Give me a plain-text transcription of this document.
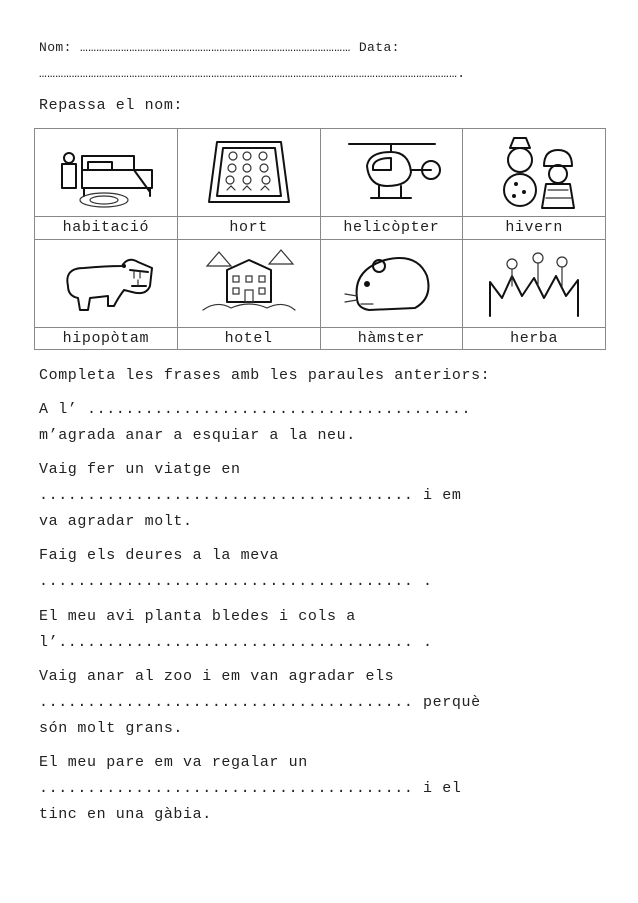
Nom: ……………………………………………………………………………………… Data:
……………………………………………………………………………………………………………………………………….
Repassa el nom:

habitació	hort	helicòpter	hivern

hipopòtam	hotel	hàmster	herba
Completa les frases amb les paraules anteriors:
A l’ ........................................
m’agrada anar a esquiar a la neu.
Vaig fer un viatge en
....................................... i em
va agradar molt.
Faig els deures a la meva
....................................... .
El meu avi planta bledes i cols a
l’..................................... .
Vaig anar al zoo i em van agradar els
....................................... perquè
són molt grans.
El meu pare em va regalar un
....................................... i el
tinc en una gàbia.
